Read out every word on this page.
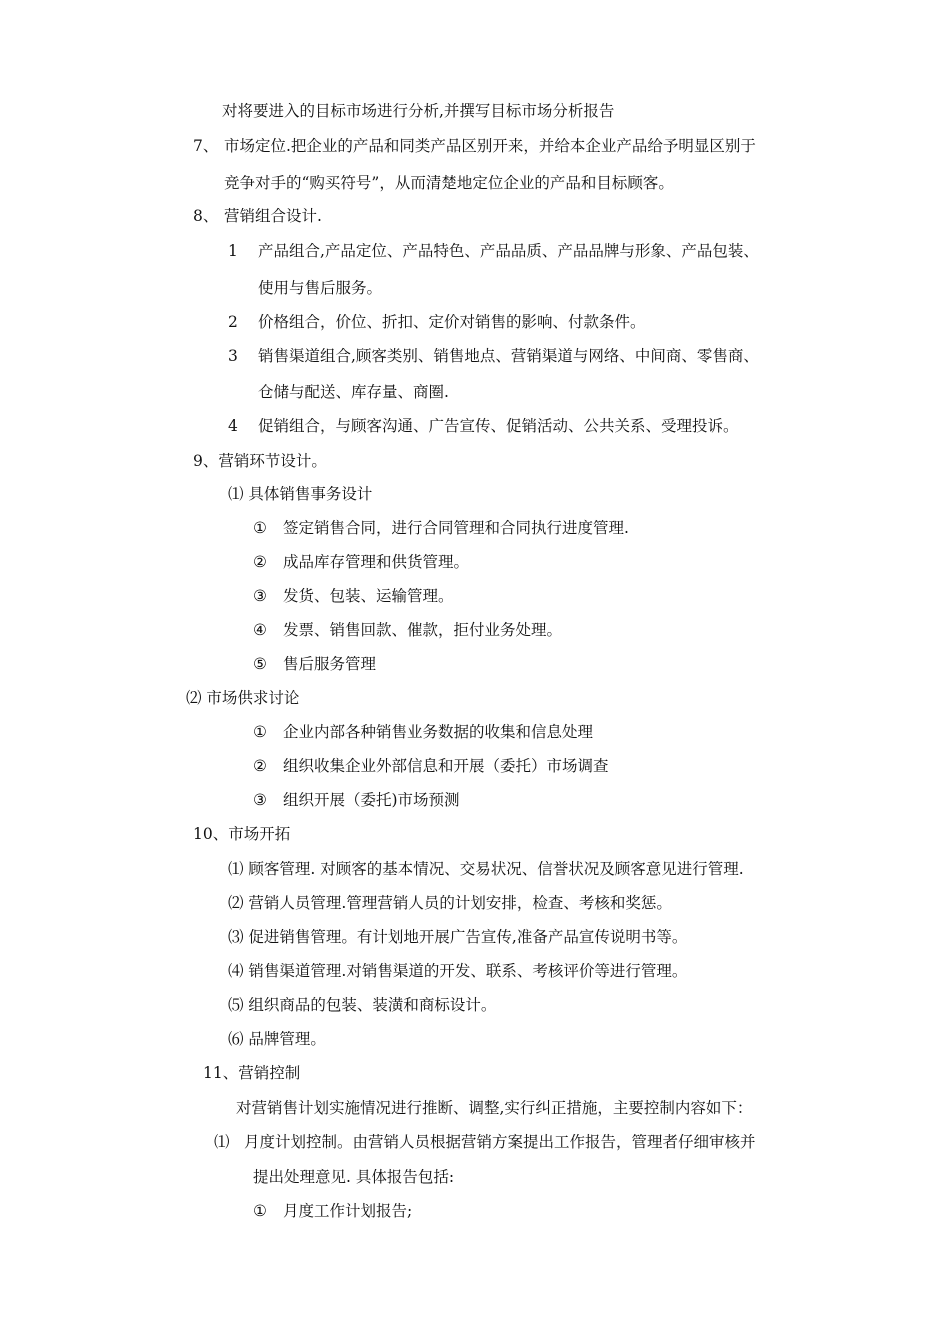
对将要进入的目标市场进行分析,并撰写目标市场分析报告
7、 市场定位.把企业的产品和同类产品区别开来，并给本企业产品给予明显区别于
竞争对手的“购买符号”，从而清楚地定位企业的产品和目标顾客。
8、 营销组合设计.
1 产品组合,产品定位、产品特色、产品品质、产品品牌与形象、产品包装、
使用与售后服务。
2 价格组合，价位、折扣、定价对销售的影响、付款条件。
3 销售渠道组合,顾客类别、销售地点、营销渠道与网络、中间商、零售商、
仓储与配送、库存量、商圈.
4 促销组合，与顾客沟通、广告宣传、促销活动、公共关系、受理投诉。
9、营销环节设计。
⑴ 具体销售事务设计
① 签定销售合同，进行合同管理和合同执行进度管理.
② 成品库存管理和供货管理。
③ 发货、包装、运输管理。
④ 发票、销售回款、催款，拒付业务处理。
⑤ 售后服务管理
⑵ 市场供求讨论
① 企业内部各种销售业务数据的收集和信息处理
② 组织收集企业外部信息和开展（委托）市场调查
③ 组织开展（委托)市场预测
10、市场开拓
⑴ 顾客管理. 对顾客的基本情况、交易状况、信誉状况及顾客意见进行管理.
⑵ 营销人员管理.管理营销人员的计划安排，检查、考核和奖惩。
⑶ 促进销售管理。有计划地开展广告宣传,准备产品宣传说明书等。
⑷ 销售渠道管理.对销售渠道的开发、联系、考核评价等进行管理。
⑸ 组织商品的包装、装潢和商标设计。
⑹ 品牌管理。
11、营销控制
对营销售计划实施情况进行推断、调整,实行纠正措施，主要控制内容如下：
⑴ 月度计划控制。由营销人员根据营销方案提出工作报告，管理者仔细审核并
提出处理意见. 具体报告包括:
① 月度工作计划报告;
